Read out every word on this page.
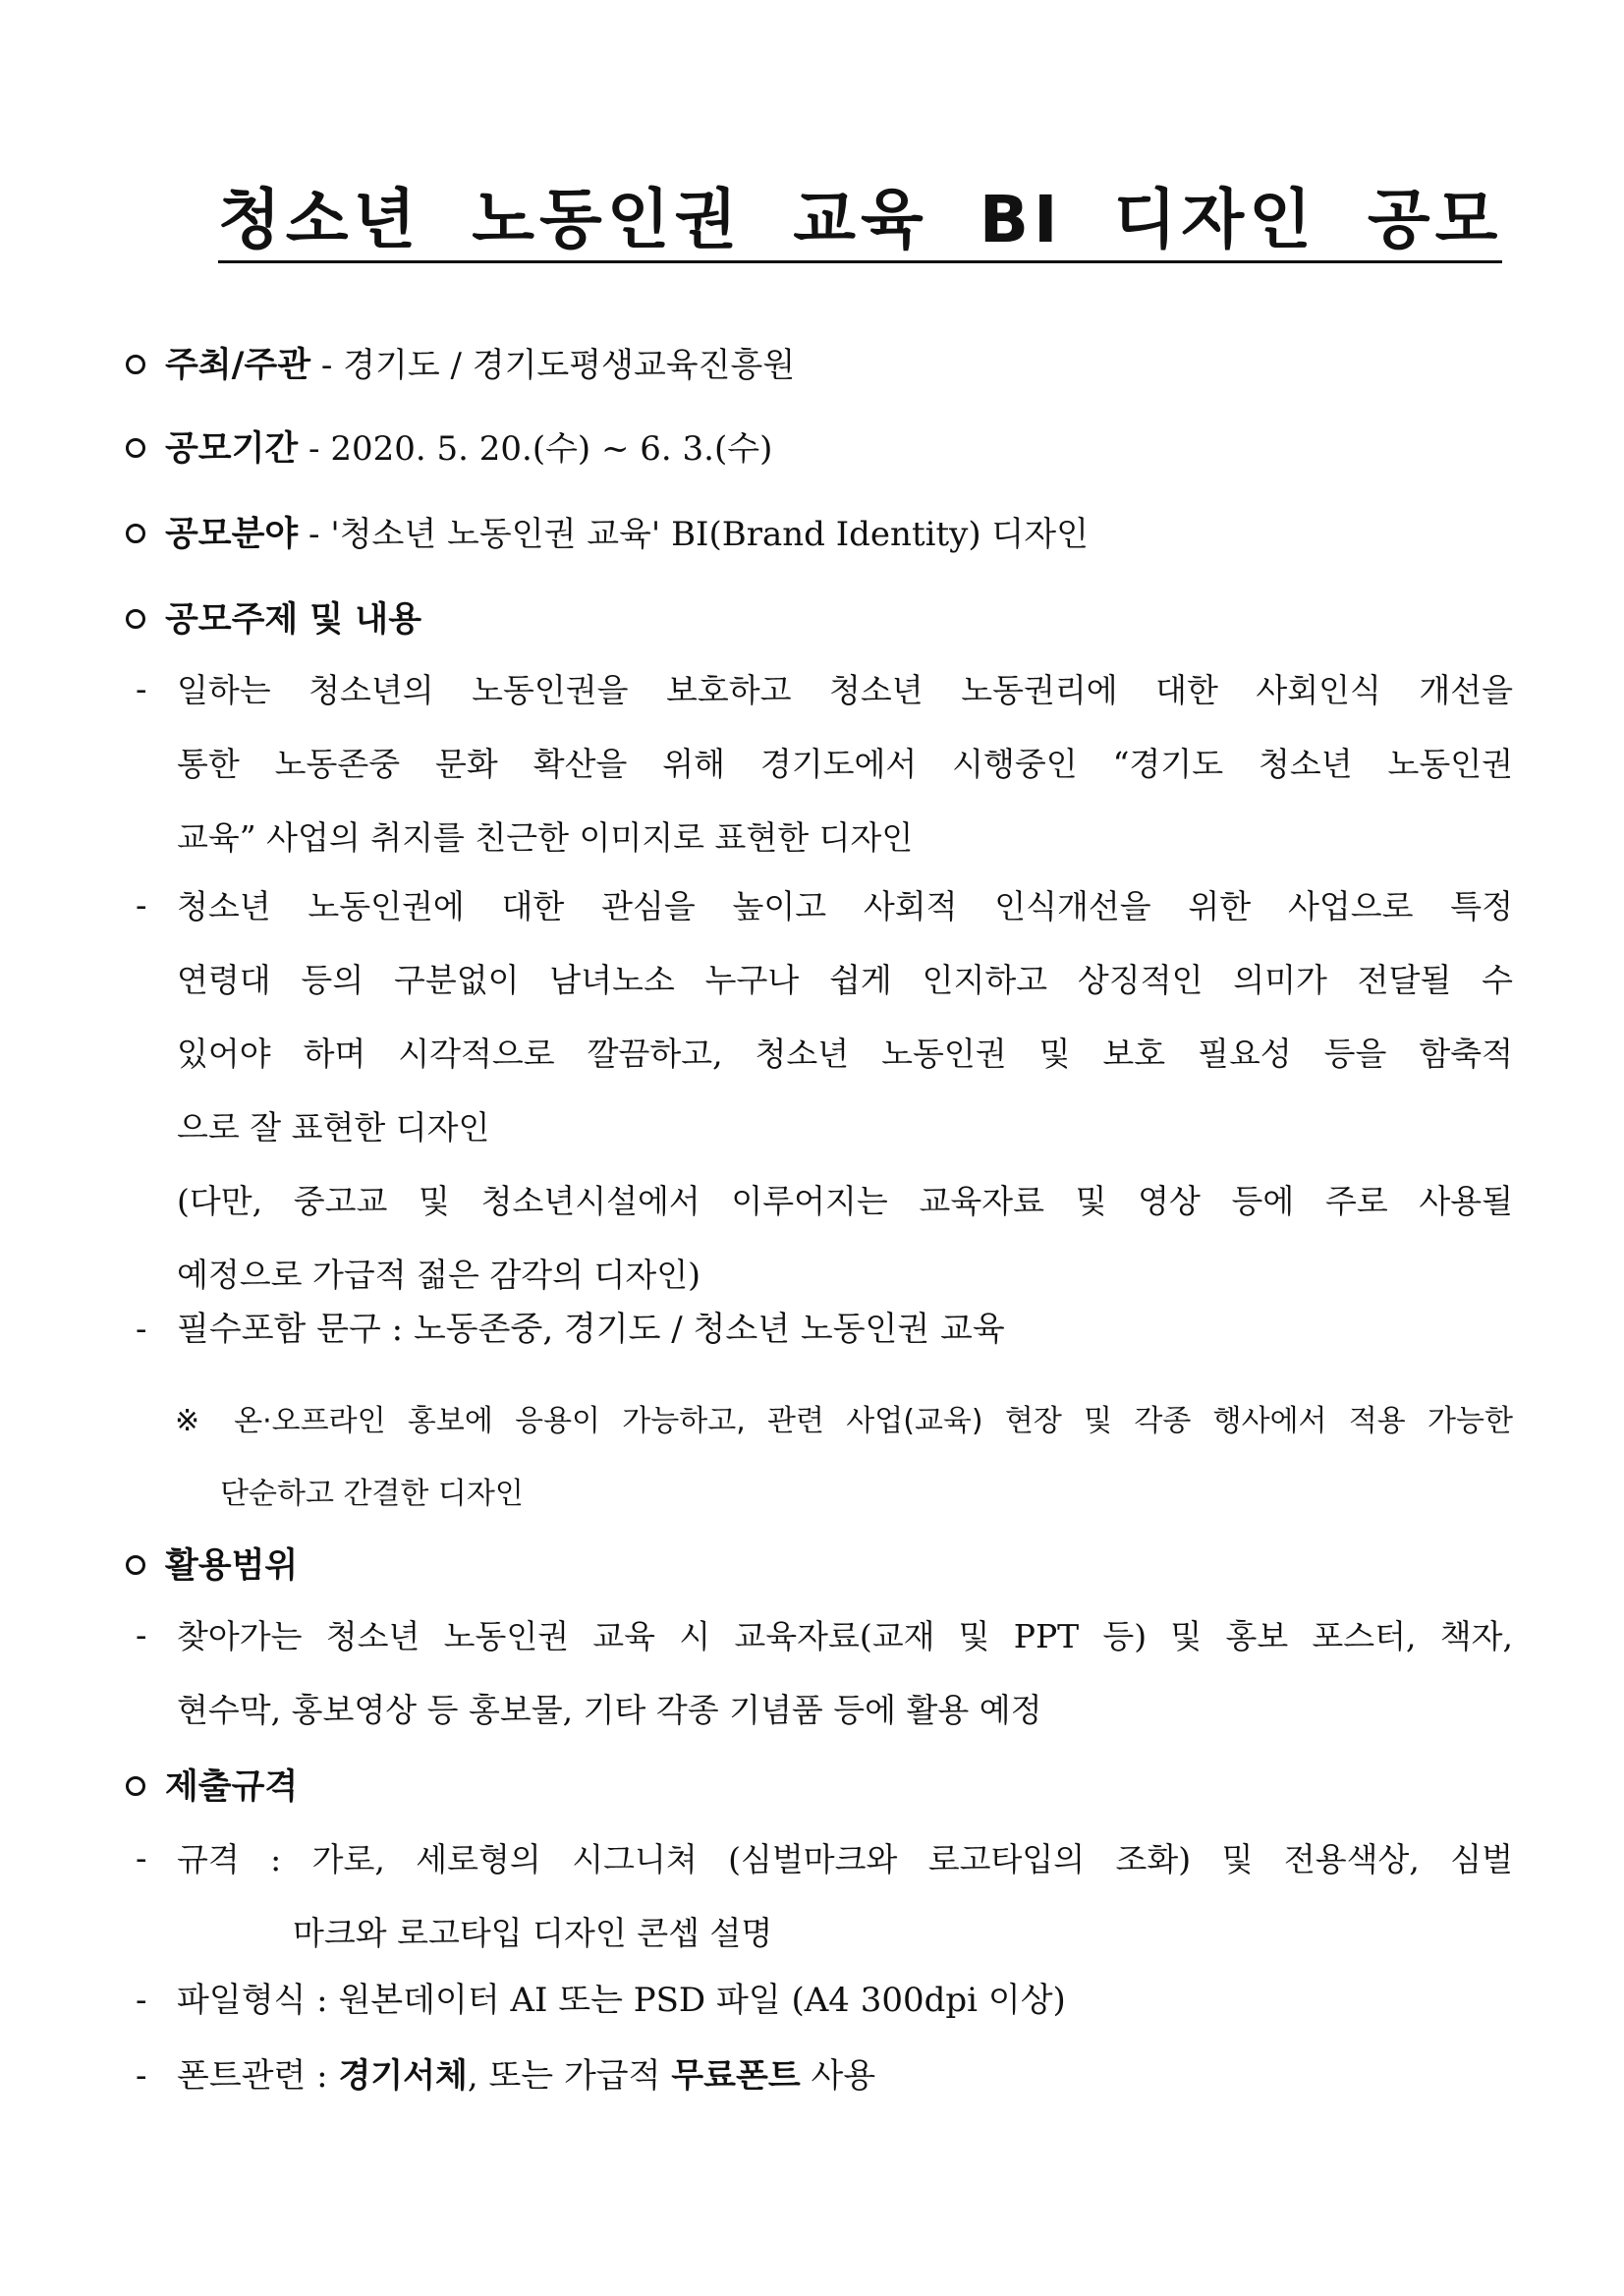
청소년 노동인권 교육 BI 디자인 공모
주최/주관 - 경기도 / 경기도평생교육진흥원
공모기간 - 2020. 5. 20.(수) ~ 6. 3.(수)
공모분야 - '청소년 노동인권 교육' BI(Brand Identity) 디자인
공모주제 및 내용
- 일하는 청소년의 노동인권을 보호하고 청소년 노동권리에 대한 사회인식 개선을
통한 노동존중 문화 확산을 위해 경기도에서 시행중인 “경기도 청소년 노동인권
교육” 사업의 취지를 친근한 이미지로 표현한 디자인
- 청소년 노동인권에 대한 관심을 높이고 사회적 인식개선을 위한 사업으로 특정
연령대 등의 구분없이 남녀노소 누구나 쉽게 인지하고 상징적인 의미가 전달될 수
있어야 하며 시각적으로 깔끔하고, 청소년 노동인권 및 보호 필요성 등을 함축적
으로 잘 표현한 디자인
(다만, 중고교 및 청소년시설에서 이루어지는 교육자료 및 영상 등에 주로 사용될
예정으로 가급적 젊은 감각의 디자인)
- 필수포함 문구 : 노동존중, 경기도 / 청소년 노동인권 교육
※ 온·오프라인 홍보에 응용이 가능하고, 관련 사업(교육) 현장 및 각종 행사에서 적용 가능한
단순하고 간결한 디자인
활용범위
- 찾아가는 청소년 노동인권 교육 시 교육자료(교재 및 PPT 등) 및 홍보 포스터, 책자,
현수막, 홍보영상 등 홍보물, 기타 각종 기념품 등에 활용 예정
제출규격
- 규격 : 가로, 세로형의 시그니쳐 (심벌마크와 로고타입의 조화) 및 전용색상, 심벌
마크와 로고타입 디자인 콘셉 설명
- 파일형식 : 원본데이터 AI 또는 PSD 파일 (A4 300dpi 이상)
- 폰트관련 : 경기서체, 또는 가급적 무료폰트 사용
